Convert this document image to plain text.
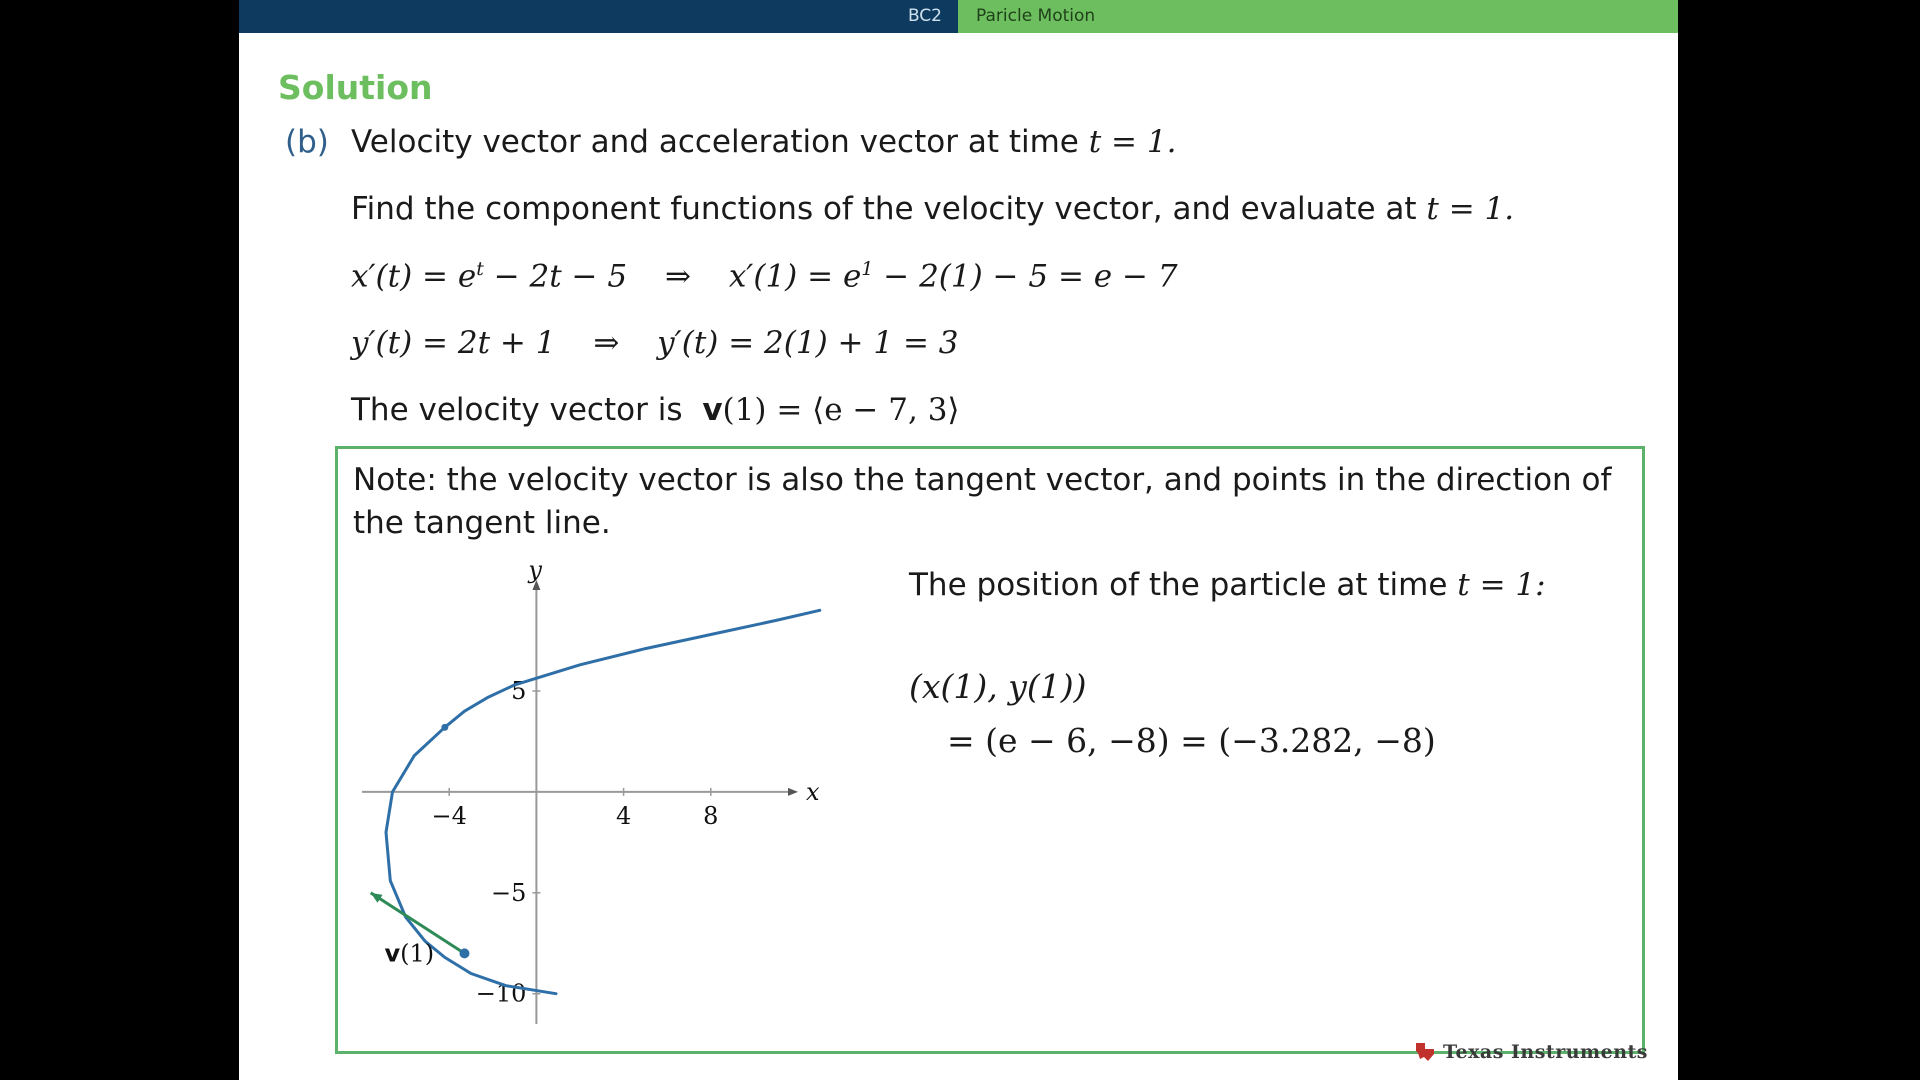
BC2 Paricle Motion
Solution
(b) Velocity vector and acceleration vector at time t = 1.
Find the component functions of the velocity vector, and evaluate at t = 1.
$x'(t) = e^t - 2t - 5$ ⇒ $x'(1) = e^1 - 2(1) - 5 = e - 7$
y′(t) = 2t + 1 ⇒ y′(t) = 2(1) + 1 = 3
The velocity vector is v(1) = ⟨e − 7, 3⟩
Note: the velocity vector is also the tangent vector, and points in the direction of the tangent line.
x
y
−4	4	8
5
−5
−10
v(1)
The position of the particle at time t = 1:
(x(1), y(1))
= (e − 6, −8) = (−3.282, −8)
Texas Instruments
